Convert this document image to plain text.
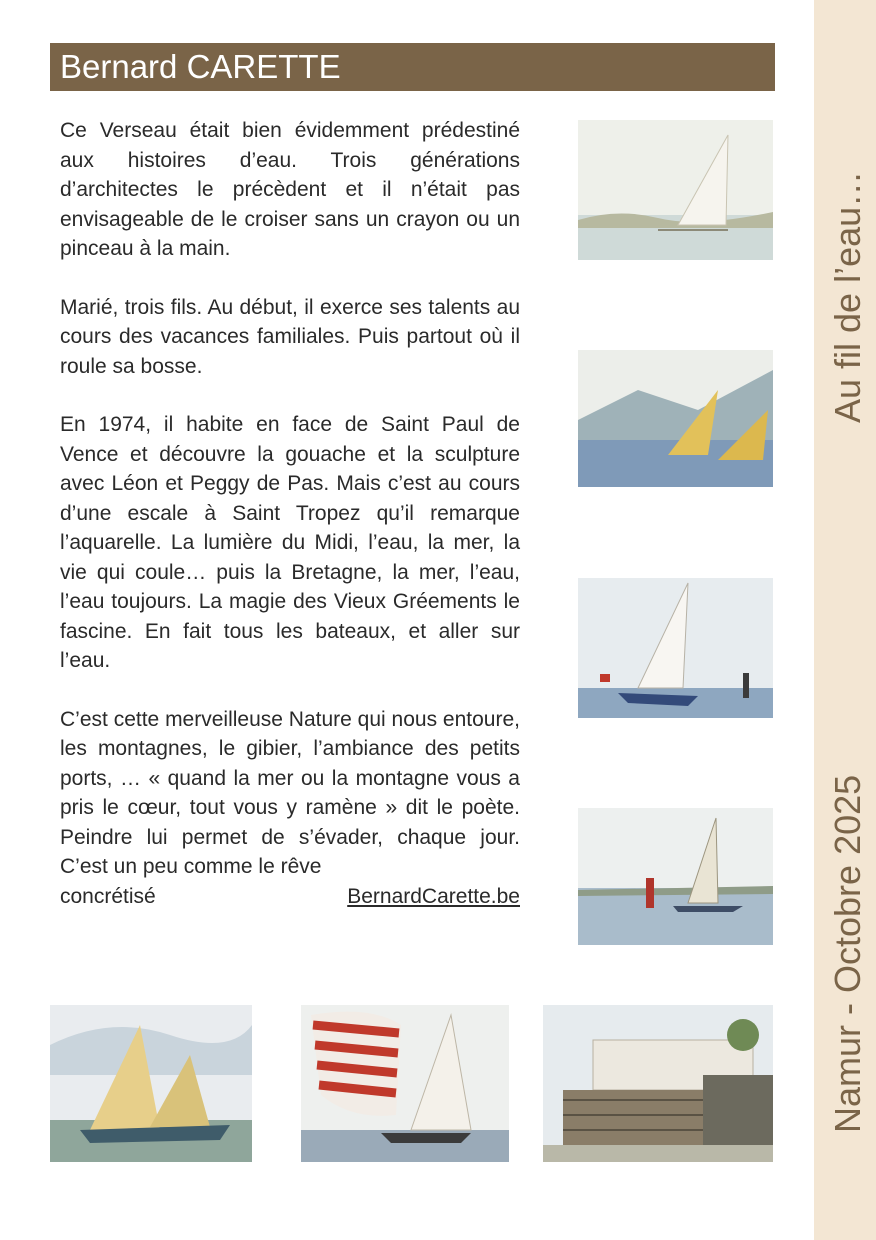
Au fil de l’eau…
Namur - Octobre 2025
Bernard CARETTE

Ce Verseau était bien évidemment prédestiné aux histoires d’eau. Trois générations d’architectes le précèdent et il n’était pas envisageable de le croiser sans un crayon ou un pinceau à la main.

Marié, trois fils. Au début, il exerce ses talents au cours des vacances familiales. Puis partout où il roule sa bosse.

En 1974, il habite en face de Saint Paul de Vence et découvre la gouache et la sculpture avec Léon et Peggy de Pas. Mais c’est au cours d’une escale à Saint Tropez qu’il remarque l’aquarelle. La lumière du Midi, l’eau, la mer, la vie qui coule… puis la Bretagne, la mer, l’eau, l’eau toujours. La magie des Vieux Gréements le fascine. En fait tous les bateaux, et aller sur l’eau.

C’est cette merveilleuse Nature qui nous entoure, les montagnes, le gibier, l’ambiance des petits ports, … « quand la mer ou la montagne vous a pris le cœur, tout vous y ramène » dit le poète. Peindre lui permet de s’évader, chaque jour. C’est un peu comme le rêve
concrétisé	BernardCarette.be
